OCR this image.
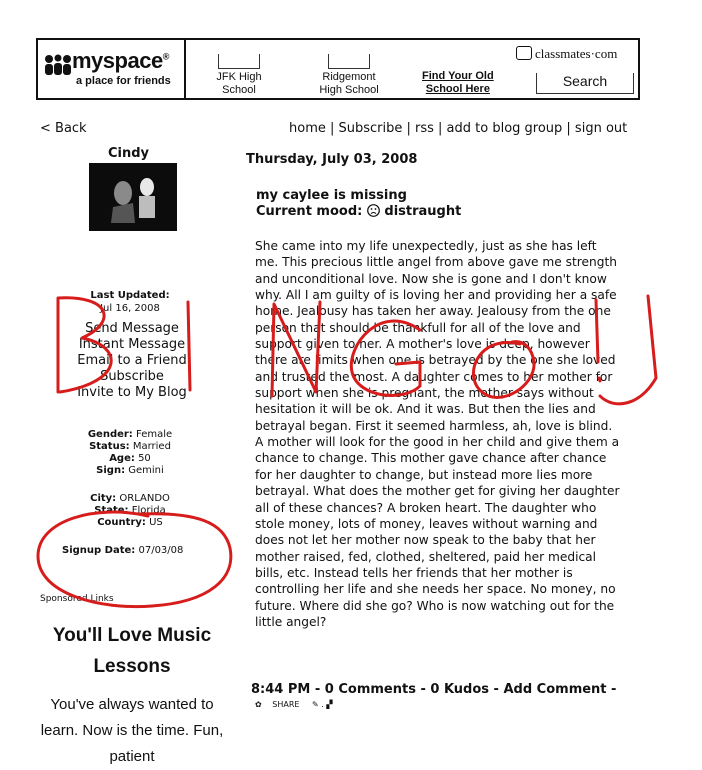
myspace®
a place for friends	JFK High
School
Ridgemont
High School
Find Your Old
School Here
classmates·com
Search
< Back	home | Subscribe | rss | add to blog group | sign out
Cindy
Last Updated:
Jul 16, 2008
Send Message
Instant Message
Email to a Friend
Subscribe
Invite to My Blog
Gender: Female
Status: Married
Age: 50
Sign: Gemini
City: ORLANDO
State: Florida
Country: US
Signup Date: 07/03/08
Sponsored Links
You'll Love Music Lessons
You've always wanted to learn. Now is the time. Fun, patient
Thursday, July 03, 2008
my caylee is missing
Current mood: distraught
She came into my life unexpectedly, just as she has left me. This precious little angel from above gave me strength and unconditional love. Now she is gone and I don't know why. All I am guilty of is loving her and providing her a safe home. Jealousy has taken her away. Jealousy from the one person that should be thankfull for all of the love and support given to her. A mother's love is deep, however there are limits when one is betrayed by the one she loved and trusted the most. A daughter comes to her mother for support when she is pregnant, the mother says without hesitation it will be ok. And it was. But then the lies and betrayal began. First it seemed harmless, ah, love is blind. A mother will look for the good in her child and give them a chance to change. This mother gave chance after chance for her daughter to change, but instead more lies more betrayal. What does the mother get for giving her daughter all of these chances? A broken heart. The daughter who stole money, lots of money, leaves without warning and does not let her mother now speak to the baby that her mother raised, fed, clothed, sheltered, paid her medical bills, etc. Instead tells her friends that her mother is controlling her life and she needs her space. No money, no future. Where did she go? Who is now watching out for the little angel?
8:44 PM - 0 Comments - 0 Kudos - Add Comment -
✿ SHARE ✎ . ▞
